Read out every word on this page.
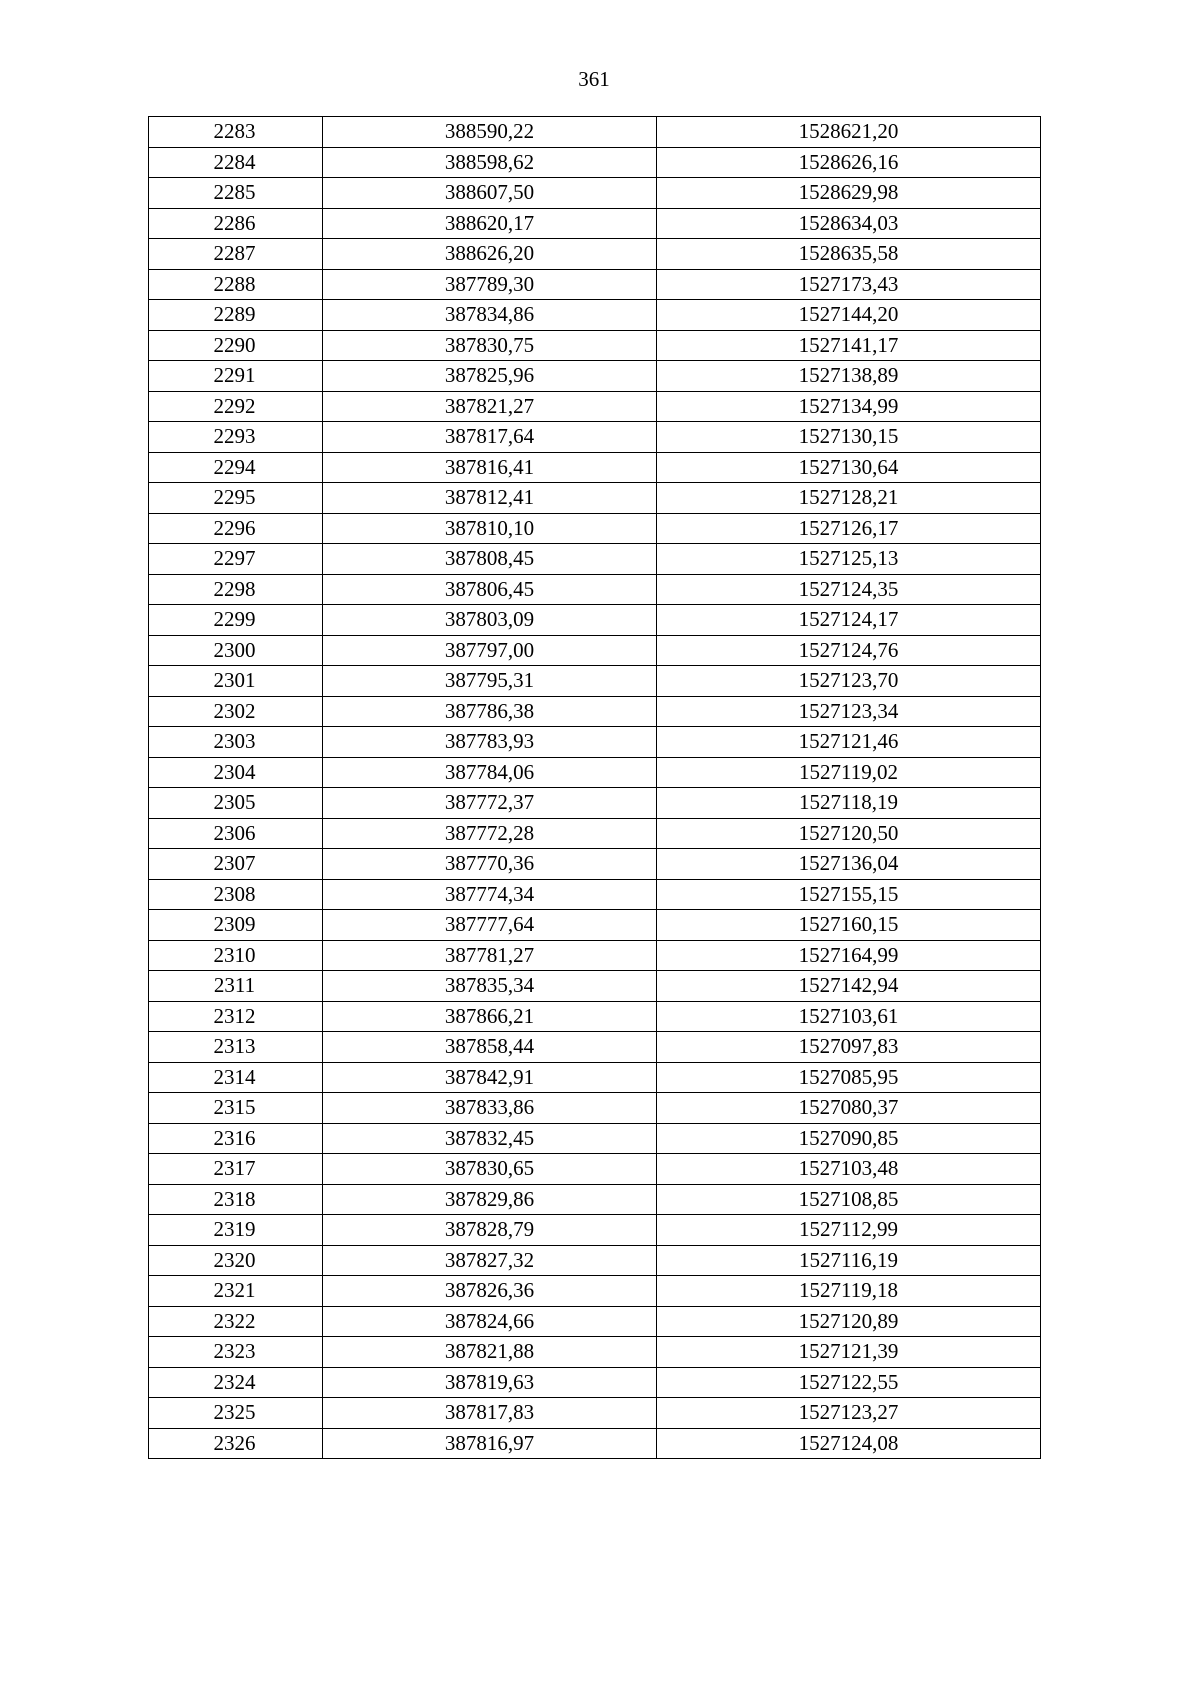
361
2283	388590,22	1528621,20
2284	388598,62	1528626,16
2285	388607,50	1528629,98
2286	388620,17	1528634,03
2287	388626,20	1528635,58
2288	387789,30	1527173,43
2289	387834,86	1527144,20
2290	387830,75	1527141,17
2291	387825,96	1527138,89
2292	387821,27	1527134,99
2293	387817,64	1527130,15
2294	387816,41	1527130,64
2295	387812,41	1527128,21
2296	387810,10	1527126,17
2297	387808,45	1527125,13
2298	387806,45	1527124,35
2299	387803,09	1527124,17
2300	387797,00	1527124,76
2301	387795,31	1527123,70
2302	387786,38	1527123,34
2303	387783,93	1527121,46
2304	387784,06	1527119,02
2305	387772,37	1527118,19
2306	387772,28	1527120,50
2307	387770,36	1527136,04
2308	387774,34	1527155,15
2309	387777,64	1527160,15
2310	387781,27	1527164,99
2311	387835,34	1527142,94
2312	387866,21	1527103,61
2313	387858,44	1527097,83
2314	387842,91	1527085,95
2315	387833,86	1527080,37
2316	387832,45	1527090,85
2317	387830,65	1527103,48
2318	387829,86	1527108,85
2319	387828,79	1527112,99
2320	387827,32	1527116,19
2321	387826,36	1527119,18
2322	387824,66	1527120,89
2323	387821,88	1527121,39
2324	387819,63	1527122,55
2325	387817,83	1527123,27
2326	387816,97	1527124,08
